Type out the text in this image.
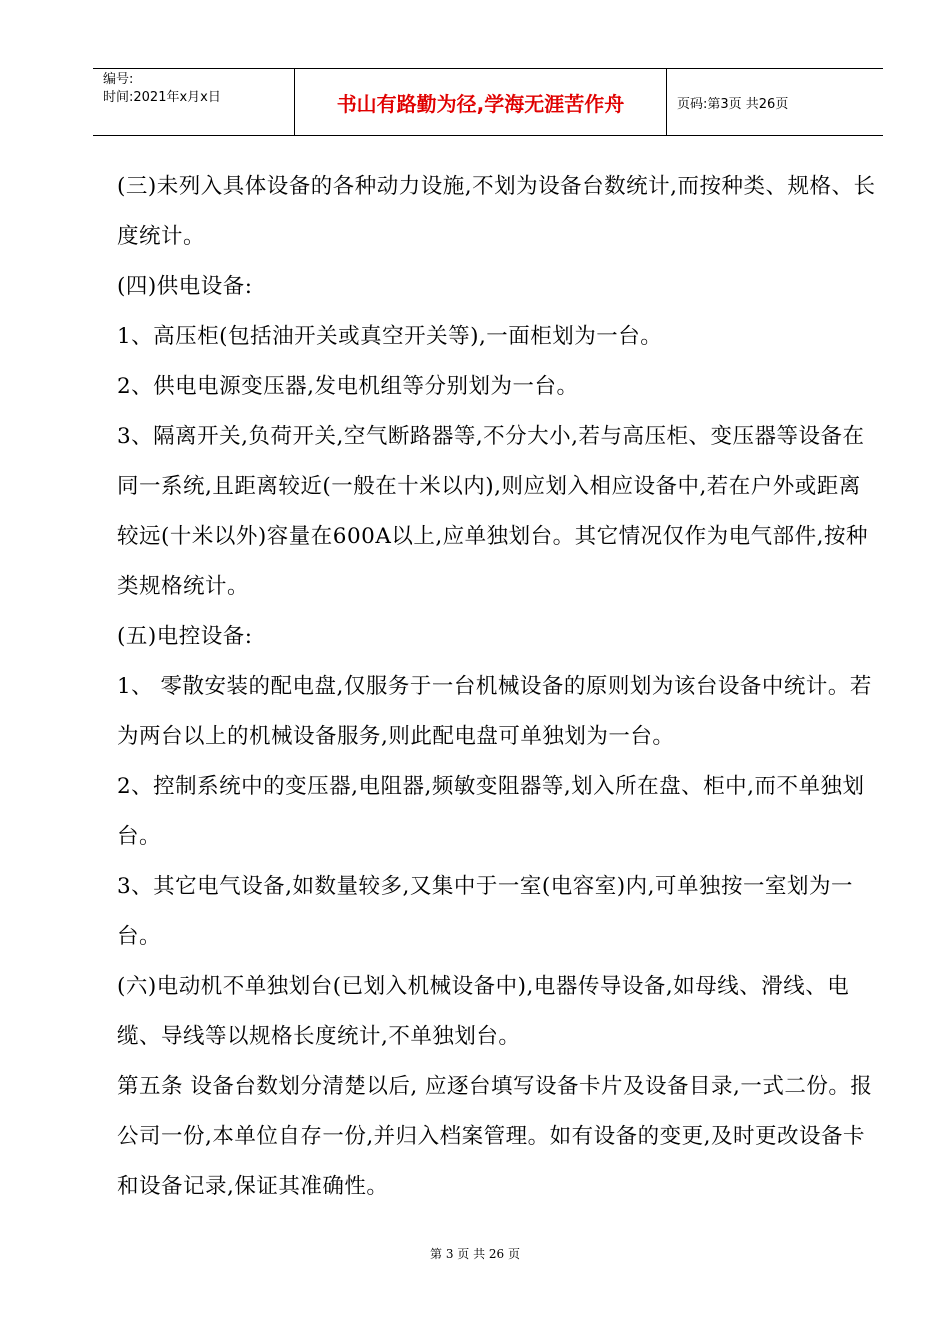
编号:
时间:2021年x月x日	书山有路勤为径,学海无涯苦作舟	页码:第3页 共26页

(三)未列入具体设备的各种动力设施,不划为设备台数统计,而按种类、规格、长度统计。

(四)供电设备:

1、高压柜(包括油开关或真空开关等),一面柜划为一台。

2、供电电源变压器,发电机组等分别划为一台。

3、隔离开关,负荷开关,空气断路器等,不分大小,若与高压柜、变压器等设备在同一系统,且距离较近(一般在十米以内),则应划入相应设备中,若在户外或距离较远(十米以外)容量在600A以上,应单独划台。其它情况仅作为电气部件,按种类规格统计。

(五)电控设备:

1、 零散安装的配电盘,仅服务于一台机械设备的原则划为该台设备中统计。若为两台以上的机械设备服务,则此配电盘可单独划为一台。

2、控制系统中的变压器,电阻器,频敏变阻器等,划入所在盘、柜中,而不单独划台。

3、其它电气设备,如数量较多,又集中于一室(电容室)内,可单独按一室划为一台。

(六)电动机不单独划台(已划入机械设备中),电器传导设备,如母线、滑线、电缆、导线等以规格长度统计,不单独划台。

第五条 设备台数划分清楚以后, 应逐台填写设备卡片及设备目录,一式二份。报公司一份,本单位自存一份,并归入档案管理。如有设备的变更,及时更改设备卡和设备记录,保证其准确性。

第 3 页 共 26 页
